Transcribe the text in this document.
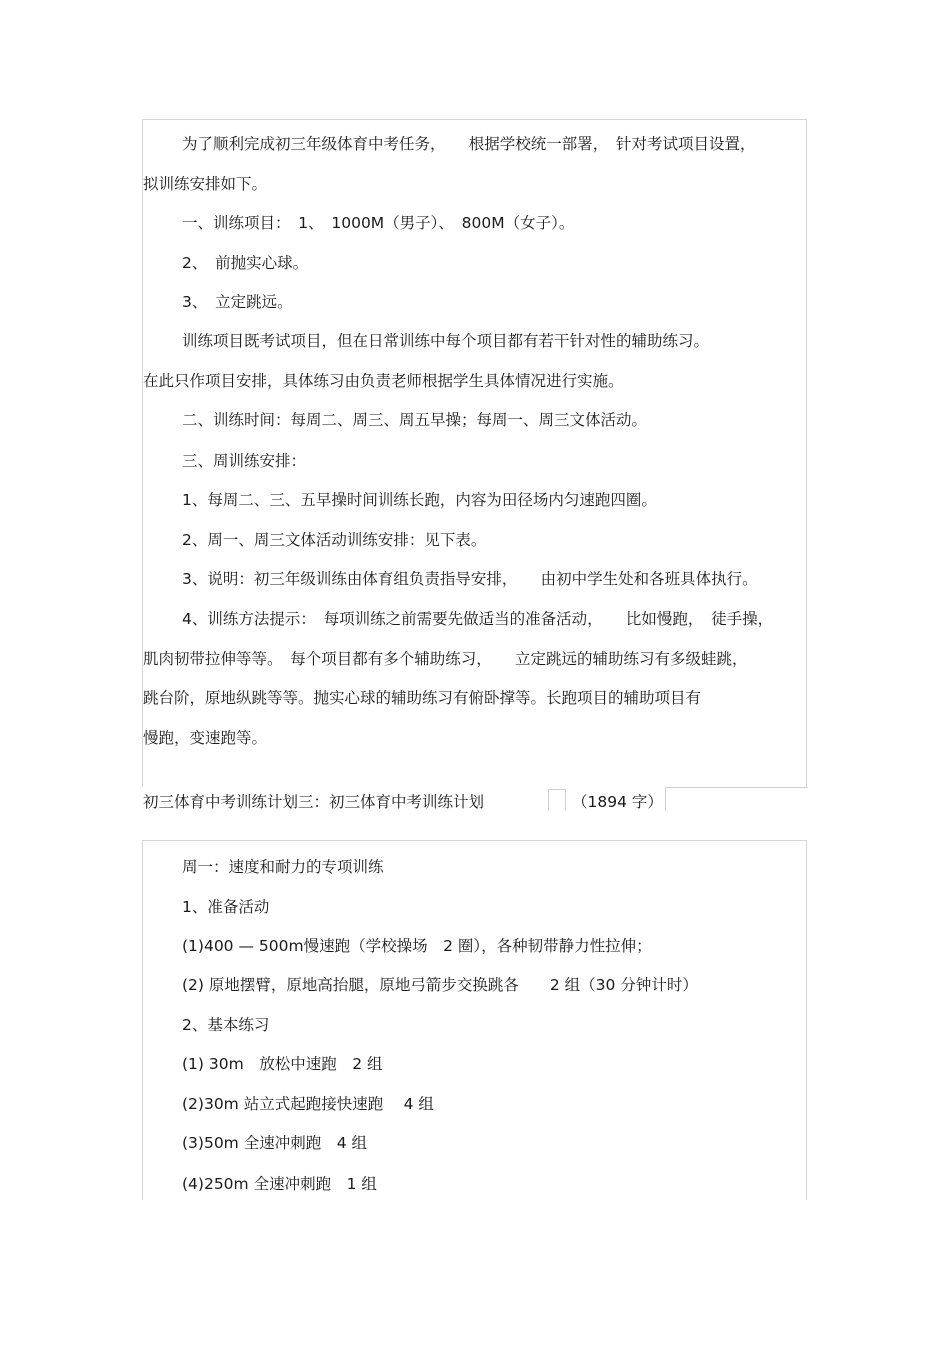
为了顺利完成初三年级体育中考任务，　　根据学校统一部署，　针对考试项目设置，
拟训练安排如下。
一、训练项目：　1、　1000M（男子）、　800M（女子）。
2、　前抛实心球。
3、　立定跳远。
训练项目既考试项目，但在日常训练中每个项目都有若干针对性的辅助练习。
在此只作项目安排，具体练习由负责老师根据学生具体情况进行实施。
二、训练时间：每周二、周三、周五早操；每周一、周三文体活动。
三、周训练安排：
1、每周二、三、五早操时间训练长跑，内容为田径场内匀速跑四圈。
2、周一、周三文体活动训练安排：见下表。
3、说明：初三年级训练由体育组负责指导安排，　　由初中学生处和各班具体执行。
4、训练方法提示：　每项训练之前需要先做适当的准备活动，　　比如慢跑，　徒手操，
肌肉韧带拉伸等等。　每个项目都有多个辅助练习，　　立定跳远的辅助练习有多级蛙跳，
跳台阶，原地纵跳等等。抛实心球的辅助练习有俯卧撑等。长跑项目的辅助项目有
慢跑，变速跑等。
初三体育中考训练计划三：初三体育中考训练计划	（1894 字）
周一：速度和耐力的专项训练
1、准备活动
(1)400 — 500m慢速跑（学校操场　2 圈），各种韧带静力性拉伸；
(2) 原地摆臂，原地高抬腿，原地弓箭步交换跳各　　2 组（30 分钟计时）
2、基本练习
(1) 30m　放松中速跑　2 组
(2)30m 站立式起跑接快速跑　 4 组
(3)50m 全速冲刺跑　4 组
(4)250m 全速冲刺跑　1 组
